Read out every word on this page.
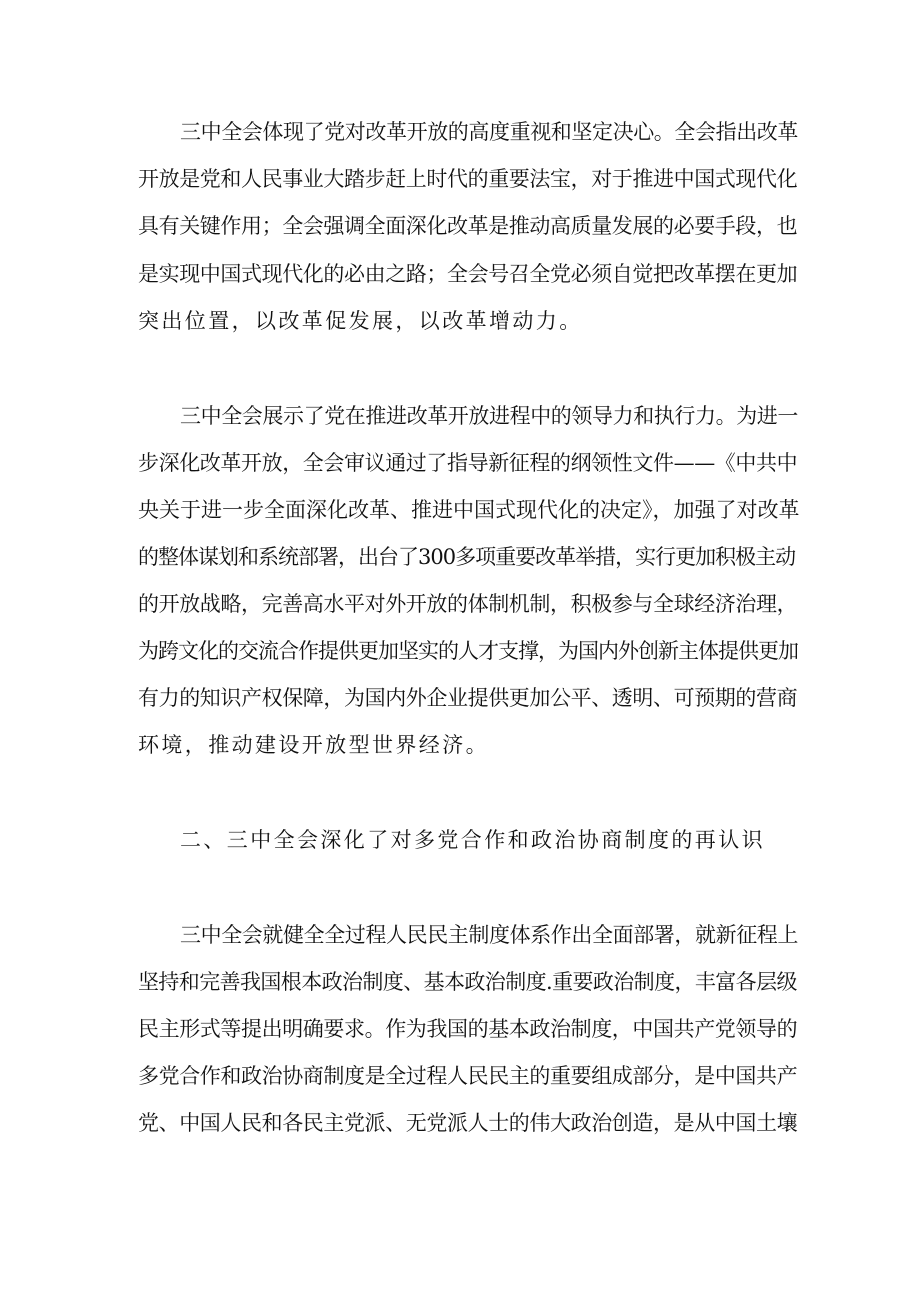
三中全会体现了党对改革开放的高度重视和坚定决心。全会指出改革
开放是党和人民事业大踏步赶上时代的重要法宝，对于推进中国式现代化
具有关键作用；全会强调全面深化改革是推动高质量发展的必要手段，也
是实现中国式现代化的必由之路；全会号召全党必须自觉把改革摆在更加
突出位置，以改革促发展，以改革增动力。
三中全会展示了党在推进改革开放进程中的领导力和执行力。为进一
步深化改革开放，全会审议通过了指导新征程的纲领性文件——《中共中
央关于进一步全面深化改革、推进中国式现代化的决定》，加强了对改革
的整体谋划和系统部署，出台了300多项重要改革举措，实行更加积极主动
的开放战略，完善高水平对外开放的体制机制，积极参与全球经济治理，
为跨文化的交流合作提供更加坚实的人才支撑，为国内外创新主体提供更加
有力的知识产权保障，为国内外企业提供更加公平、透明、可预期的营商
环境，推动建设开放型世界经济。
二、三中全会深化了对多党合作和政治协商制度的再认识
三中全会就健全全过程人民民主制度体系作出全面部署，就新征程上
坚持和完善我国根本政治制度、基本政治制度.重要政治制度，丰富各层级
民主形式等提出明确要求。作为我国的基本政治制度，中国共产党领导的
多党合作和政治协商制度是全过程人民民主的重要组成部分，是中国共产
党、中国人民和各民主党派、无党派人士的伟大政治创造，是从中国土壤
